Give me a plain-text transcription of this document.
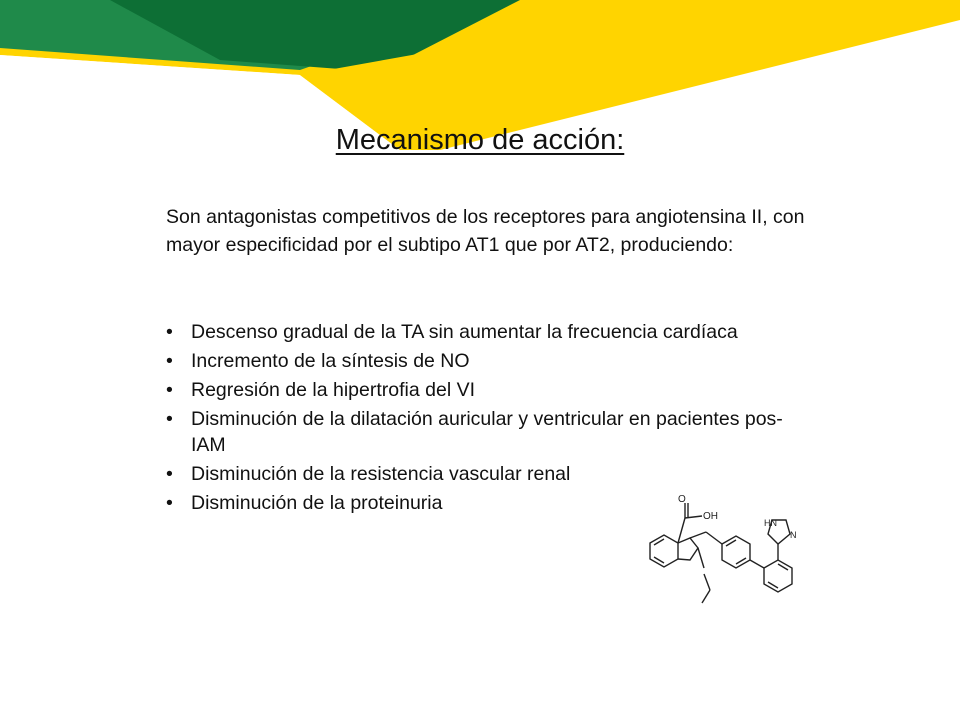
Mecanismo de acción:

Son antagonistas competitivos de los receptores para angiotensina II, con mayor especificidad por el subtipo AT1 que por AT2, produciendo:

• Descenso gradual de la TA sin aumentar la frecuencia cardíaca
• Incremento de la síntesis de NO
• Regresión de la hipertrofia del VI
• Disminución de la dilatación auricular y ventricular en pacientes pos-IAM
• Disminución de la resistencia vascular renal
• Disminución de la proteinuria	O
OH
HN
N
